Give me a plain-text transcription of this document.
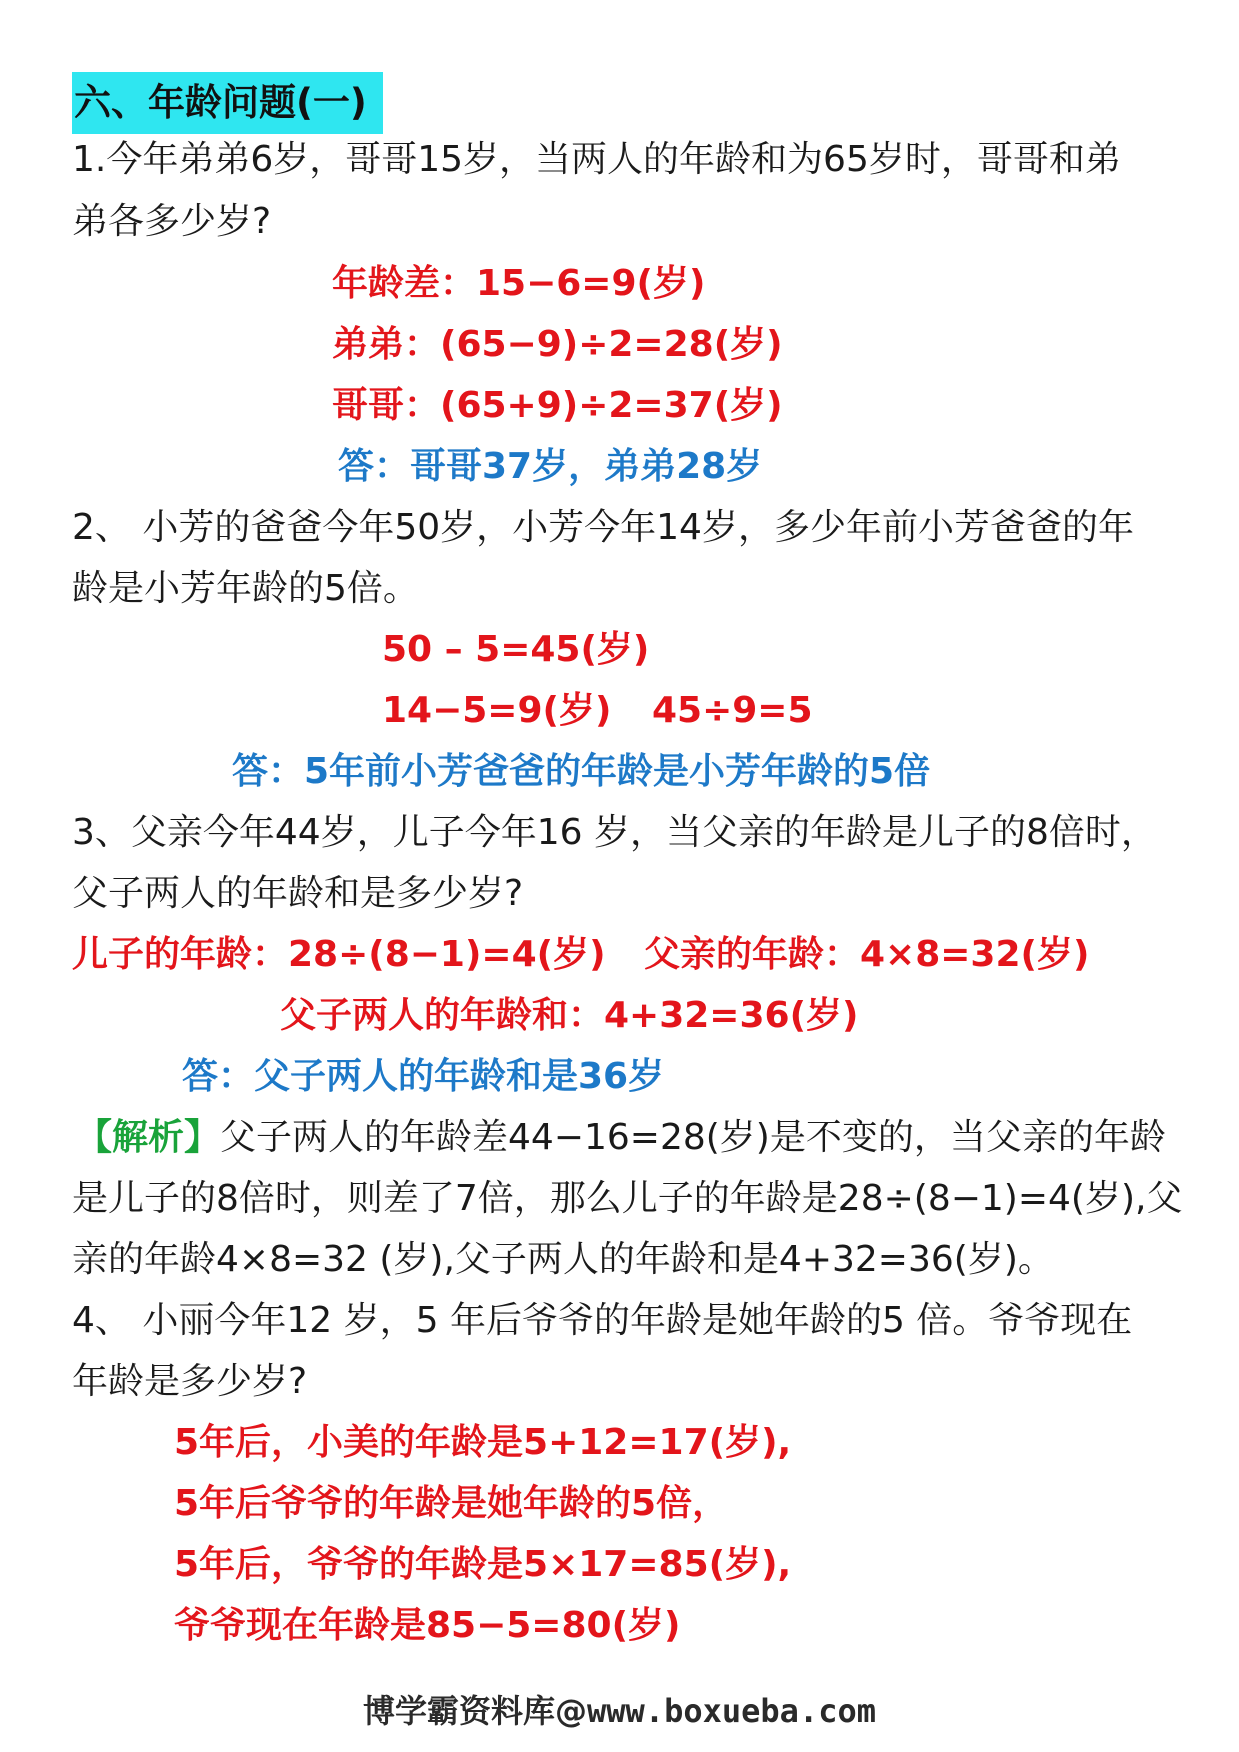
六、年龄问题(一)
1.今年弟弟6岁，哥哥15岁，当两人的年龄和为65岁时，哥哥和弟
弟各多少岁?
年龄差：15−6=9(岁)
弟弟：(65−9)÷2=28(岁)
哥哥：(65+9)÷2=37(岁)
答：哥哥37岁，弟弟28岁
2、 小芳的爸爸今年50岁，小芳今年14岁，多少年前小芳爸爸的年
龄是小芳年龄的5倍。
50 – 5=45(岁)
14−5=9(岁) 45÷9=5
答：5年前小芳爸爸的年龄是小芳年龄的5倍
3、父亲今年44岁，儿子今年16 岁，当父亲的年龄是儿子的8倍时，
父子两人的年龄和是多少岁?
儿子的年龄：28÷(8−1)=4(岁) 父亲的年龄：4×8=32(岁)
父子两人的年龄和：4+32=36(岁)
答：父子两人的年龄和是36岁
【解析】 父子两人的年龄差44−16=28(岁)是不变的，当父亲的年龄
是儿子的8倍时，则差了7倍，那么儿子的年龄是28÷(8−1)=4(岁),父
亲的年龄4×8=32 (岁),父子两人的年龄和是4+32=36(岁)。
4、 小丽今年12 岁，5 年后爷爷的年龄是她年龄的5 倍。爷爷现在
年龄是多少岁?
5年后，小美的年龄是5+12=17(岁),
5年后爷爷的年龄是她年龄的5倍，
5年后，爷爷的年龄是5×17=85(岁),
爷爷现在年龄是85−5=80(岁)
博学霸资料库@www.boxueba.com
